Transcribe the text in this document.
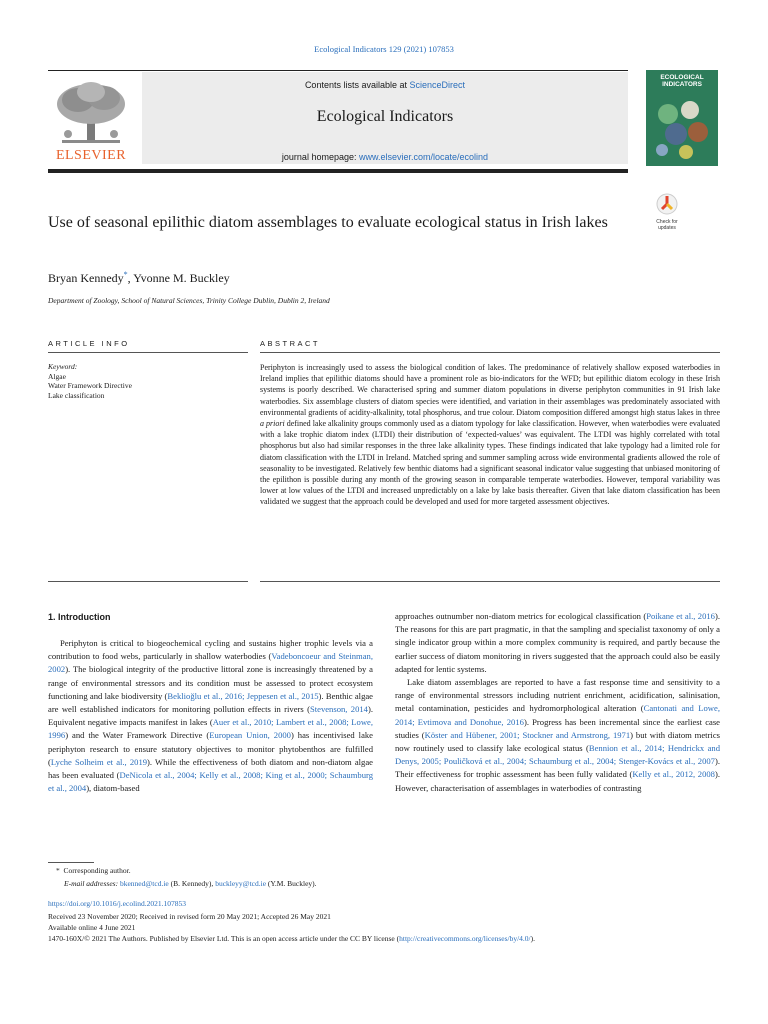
Ecological Indicators 129 (2021) 107853
ELSEVIER
Contents lists available at ScienceDirect
Ecological Indicators
journal homepage: www.elsevier.com/locate/ecolind
ECOLOGICAL
INDICATORS
Check for
updates
Use of seasonal epilithic diatom assemblages to evaluate ecological status in Irish lakes
Bryan Kennedy*, Yvonne M. Buckley
Department of Zoology, School of Natural Sciences, Trinity College Dublin, Dublin 2, Ireland
ARTICLE INFO	ABSTRACT
Keyword:
Algae
Water Framework Directive
Lake classification
Periphyton is increasingly used to assess the biological condition of lakes. The predominance of relatively shallow exposed waterbodies in Ireland implies that epilithic diatoms should have a prominent role as bio-indicators for the WFD; but epilithic diatom ecology in these Irish systems is poorly described. We characterised spring and summer diatom populations in diverse periphyton communities in 91 Irish lake waterbodies. Six assemblage clusters of diatom species were identified, and variation in their assemblages was predominately associated with environmental gradients of acidity-alkalinity, total phosphorus, and true colour. Diatom composition differed amongst high status lakes in three a priori defined lake alkalinity groups commonly used as a diatom typology for lake classification. However, when waterbodies were evaluated with a lake trophic diatom index (LTDI) their distribution of ‘expected-values’ was equivalent. The LTDI was highly correlated with total phosphorus but also had similar responses in the three lake alkalinity types. These findings indicated that lake typology had a limited role for diatom classification with the LTDI in Ireland. Matched spring and summer sampling across wide environmental gradients allowed the role of seasonality to be investigated. Relatively few benthic diatoms had a significant seasonal indicator value suggesting that unbiased monitoring of the epilithon is possible during any month of the growing season in comparable temperate waterbodies. However, temporal variability was lower at low values of the LTDI and increased unpredictably on a lake by lake basis thereafter. Given that lake diatom classification has been validated we suggest that the approach could be developed and used for more targeted assessment objectives.
1. Introduction

Periphyton is critical to biogeochemical cycling and sustains higher trophic levels via a contribution to food webs, particularly in shallow waterbodies (Vadeboncoeur and Steinman, 2002). The biological integrity of the productive littoral zone is increasingly threatened by a range of environmental stressors and its condition must be assessed to protect ecosystem functioning and lake biodiversity (Beklioğlu et al., 2016; Jeppesen et al., 2015). Benthic algae are well established indicators for monitoring pollution effects in rivers (Stevenson, 2014). Equivalent negative impacts manifest in lakes (Auer et al., 2010; Lambert et al., 2008; Lowe, 1996) and the Water Framework Directive (European Union, 2000) has incentivised lake periphyton research to ensure statutory objectives to monitor phytobenthos are fulfilled (Lyche Solheim et al., 2019). While the effectiveness of both diatom and non-diatom algae has been evaluated (DeNicola et al., 2004; Kelly et al., 2008; King et al., 2000; Schaumburg et al., 2004), diatom-based

approaches outnumber non-diatom metrics for ecological classification (Poikane et al., 2016). The reasons for this are part pragmatic, in that the sampling and specialist taxonomy of only a single indicator group within a more complex community is required, and partly because the earlier success of diatom monitoring in rivers suggested that the approach could also be easily adapted for lentic systems.

Lake diatom assemblages are reported to have a fast response time and sensitivity to a range of environmental stressors including nutrient enrichment, acidification, salinisation, metal contamination, pesticides and hydromorphological alteration (Cantonati and Lowe, 2014; Evtimova and Donohue, 2016). Progress has been incremental since the earliest case studies (Köster and Hübener, 2001; Stockner and Armstrong, 1971) but with diatom metrics now routinely used to classify lake ecological status (Bennion et al., 2014; Hendrickx and Denys, 2005; Pouličková et al., 2004; Schaumburg et al., 2004; Stenger-Kovács et al., 2007). Their effectiveness for trophic assessment has been fully validated (Kelly et al., 2012, 2008). However, characterisation of assemblages in waterbodies of contrasting

* Corresponding author.
E-mail addresses: bkenned@tcd.ie (B. Kennedy), buckleyy@tcd.ie (Y.M. Buckley).
https://doi.org/10.1016/j.ecolind.2021.107853
Received 23 November 2020; Received in revised form 20 May 2021; Accepted 26 May 2021
Available online 4 June 2021
1470-160X/© 2021 The Authors. Published by Elsevier Ltd. This is an open access article under the CC BY license (http://creativecommons.org/licenses/by/4.0/).
